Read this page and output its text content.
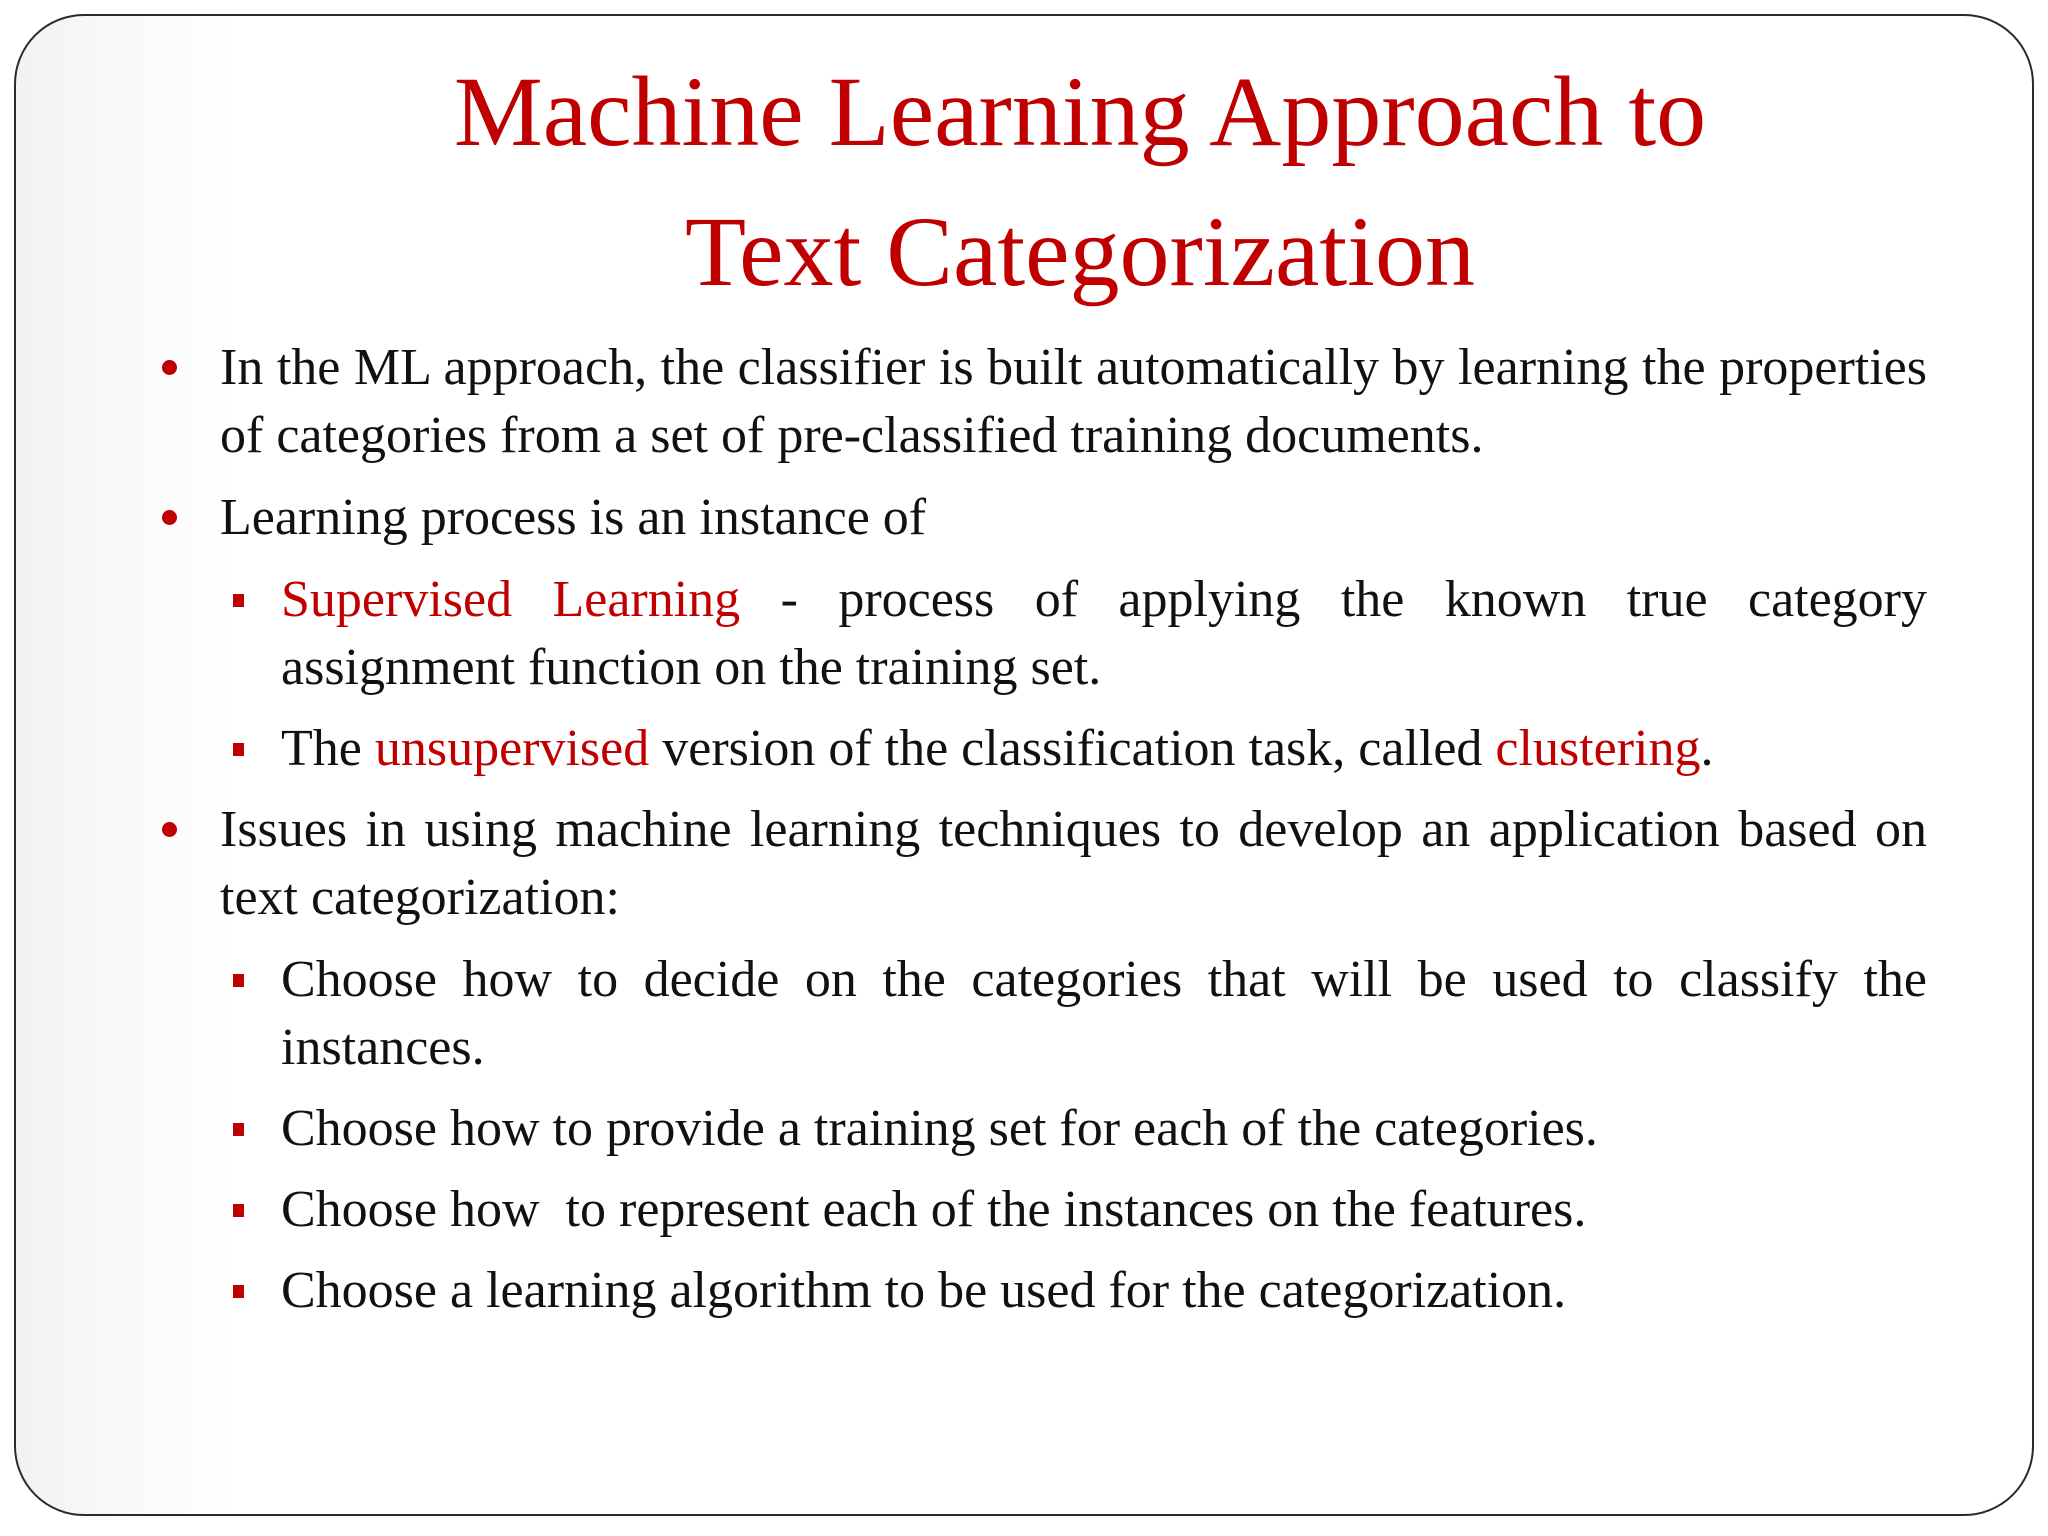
Machine Learning Approach to
Text Categorization
In the ML approach, the classifier is built automatically by learning the properties of categories from a set of pre-classified training documents.
Learning process is an instance of
Supervised Learning - process of applying the known true category assignment function on the training set.
The unsupervised version of the classification task, called clustering.
Issues in using machine learning techniques to develop an application based on text categorization:
Choose how to decide on the categories that will be used to classify the instances.
Choose how to provide a training set for each of the categories.
Choose how  to represent each of the instances on the features.
Choose a learning algorithm to be used for the categorization.
